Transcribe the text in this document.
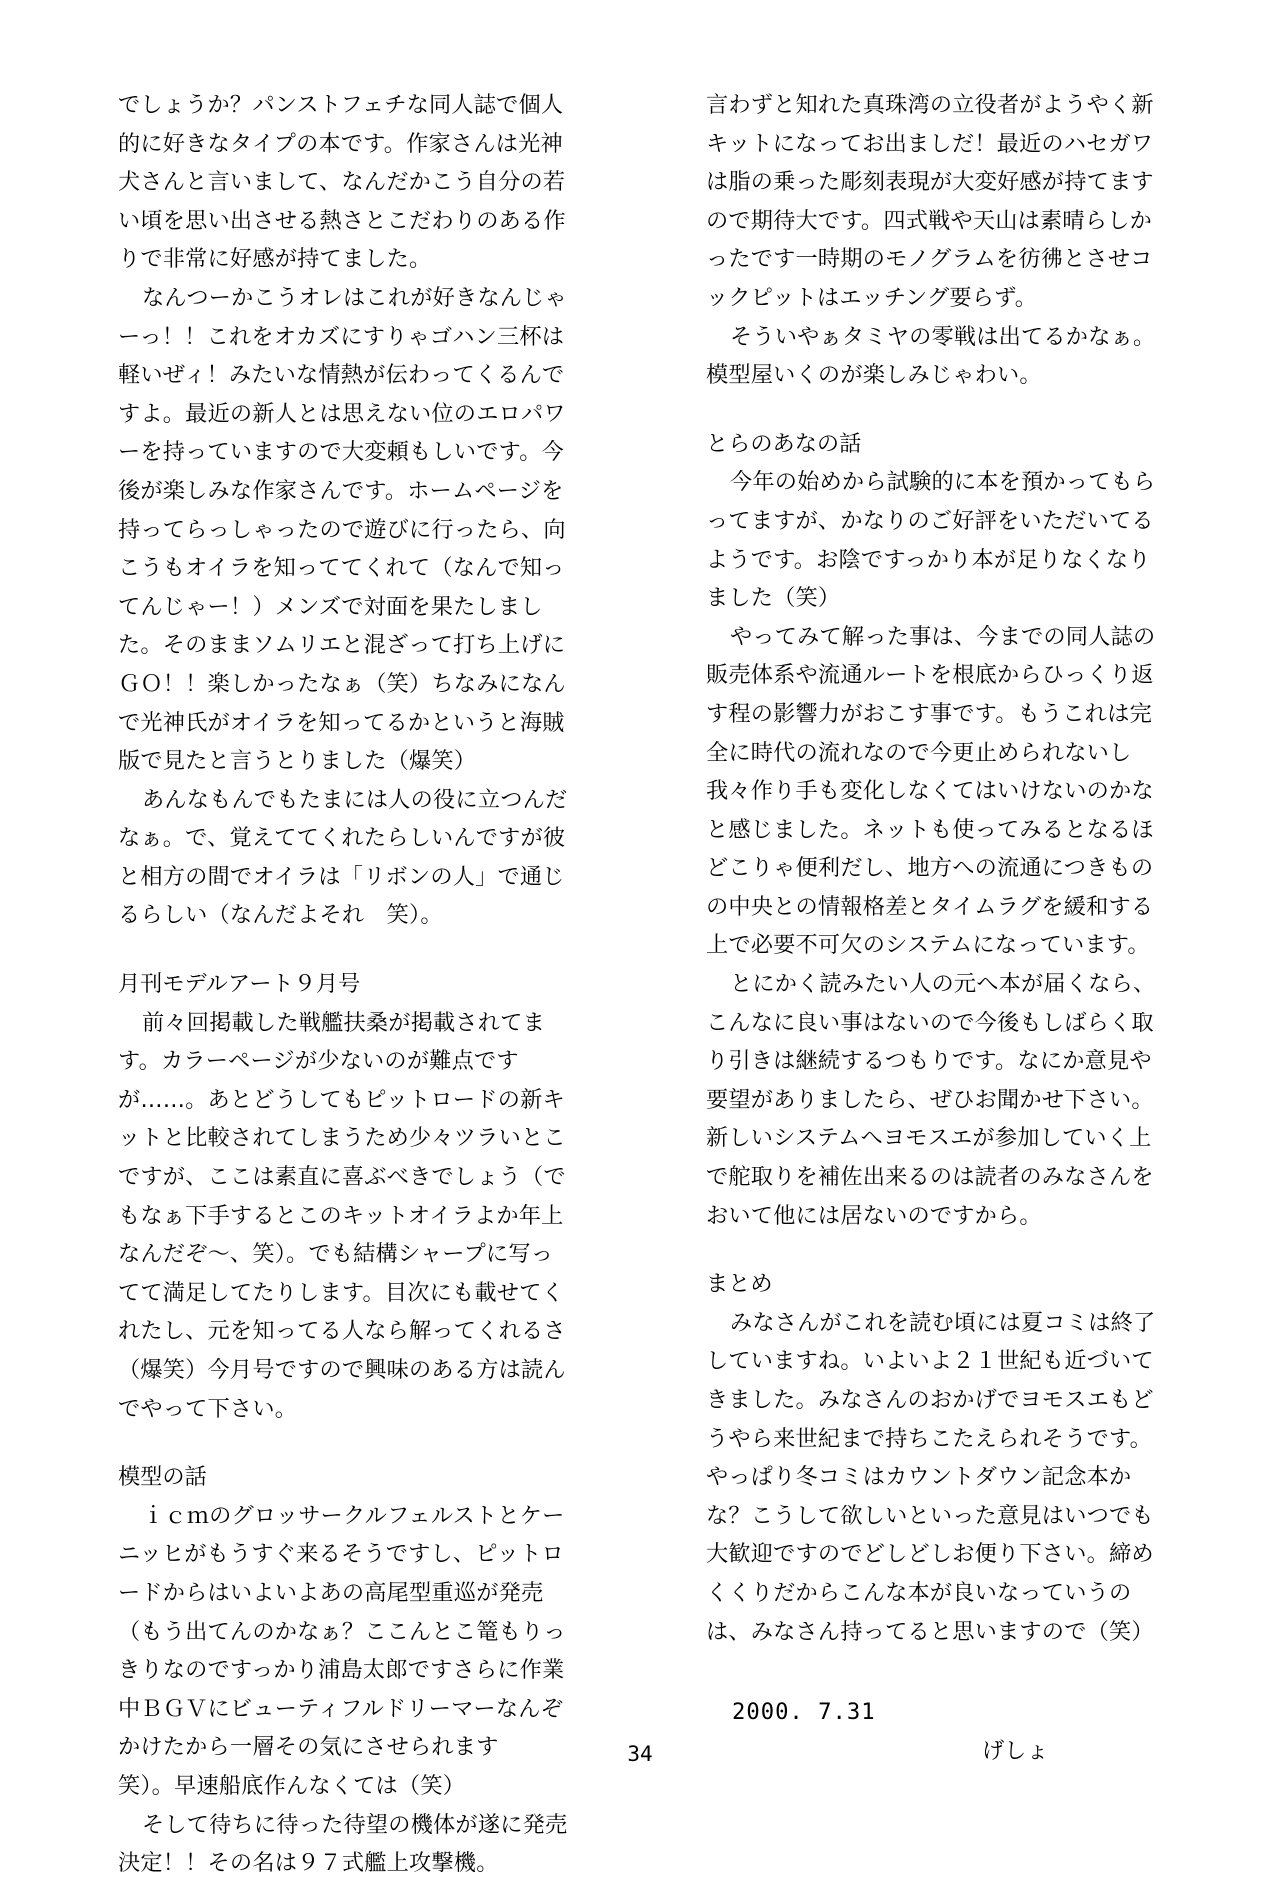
でしょうか？パンストフェチな同人誌で個人的に好きなタイプの本です。作家さんは光神犬さんと言いまして、なんだかこう自分の若い頃を思い出させる熱さとこだわりのある作りで非常に好感が持てました。

なんつーかこうオレはこれが好きなんじゃーっ！！これをオカズにすりゃゴハン三杯は軽いぜィ！みたいな情熱が伝わってくるんですよ。最近の新人とは思えない位のエロパワーを持っていますので大変頼もしいです。今後が楽しみな作家さんです。ホームページを持ってらっしゃったので遊びに行ったら、向こうもオイラを知っててくれて（なんで知ってんじゃー！）メンズで対面を果たしました。そのままソムリエと混ざって打ち上げにＧＯ！！楽しかったなぁ（笑）ちなみになんで光神氏がオイラを知ってるかというと海賊版で見たと言うとりました（爆笑）

あんなもんでもたまには人の役に立つんだなぁ。で、覚えててくれたらしいんですが彼と相方の間でオイラは「リボンの人」で通じるらしい（なんだよそれ　笑）。

月刊モデルアート９月号

前々回掲載した戦艦扶桑が掲載されてます。カラーページが少ないのが難点ですが……。あとどうしてもピットロードの新キットと比較されてしまうため少々ツラいとこですが、ここは素直に喜ぶべきでしょう（でもなぁ下手するとこのキットオイラよか年上なんだぞ〜、笑）。でも結構シャープに写ってて満足してたりします。目次にも載せてくれたし、元を知ってる人なら解ってくれるさ（爆笑）今月号ですので興味のある方は読んでやって下さい。

模型の話

ｉｃｍのグロッサークルフェルストとケーニッヒがもうすぐ来るそうですし、ピットロードからはいよいよあの高尾型重巡が発売（もう出てんのかなぁ？ここんとこ篭もりっきりなのですっかり浦島太郎ですさらに作業中ＢＧＶにビューティフルドリーマーなんぞかけたから一層その気にさせられます　笑）。早速船底作んなくては（笑）

そして待ちに待った待望の機体が遂に発売決定！！その名は９７式艦上攻撃機。

言わずと知れた真珠湾の立役者がようやく新キットになってお出ましだ！最近のハセガワは脂の乗った彫刻表現が大変好感が持てますので期待大です。四式戦や天山は素晴らしかったです一時期のモノグラムを彷彿とさせコックピットはエッチング要らず。

そういやぁタミヤの零戦は出てるかなぁ。模型屋いくのが楽しみじゃわい。

とらのあなの話

今年の始めから試験的に本を預かってもらってますが、かなりのご好評をいただいてるようです。お陰ですっかり本が足りなくなりました（笑）

やってみて解った事は、今までの同人誌の販売体系や流通ルートを根底からひっくり返す程の影響力がおこす事です。もうこれは完全に時代の流れなので今更止められないし我々作り手も変化しなくてはいけないのかなと感じました。ネットも使ってみるとなるほどこりゃ便利だし、地方への流通につきものの中央との情報格差とタイムラグを緩和する上で必要不可欠のシステムになっています。

とにかく読みたい人の元へ本が届くなら、こんなに良い事はないので今後もしばらく取り引きは継続するつもりです。なにか意見や要望がありましたら、ぜひお聞かせ下さい。新しいシステムへヨモスエが参加していく上で舵取りを補佐出来るのは読者のみなさんをおいて他には居ないのですから。

まとめ

みなさんがこれを読む頃には夏コミは終了していますね。いよいよ２１世紀も近づいてきました。みなさんのおかげでヨモスエもどうやら来世紀まで持ちこたえられそうです。やっぱり冬コミはカウントダウン記念本かな？こうして欲しいといった意見はいつでも大歓迎ですのでどしどしお便り下さい。締めくくりだからこんな本が良いなっていうのは、みなさん持ってると思いますので（笑）

2000. 7.31

げしょ

34
